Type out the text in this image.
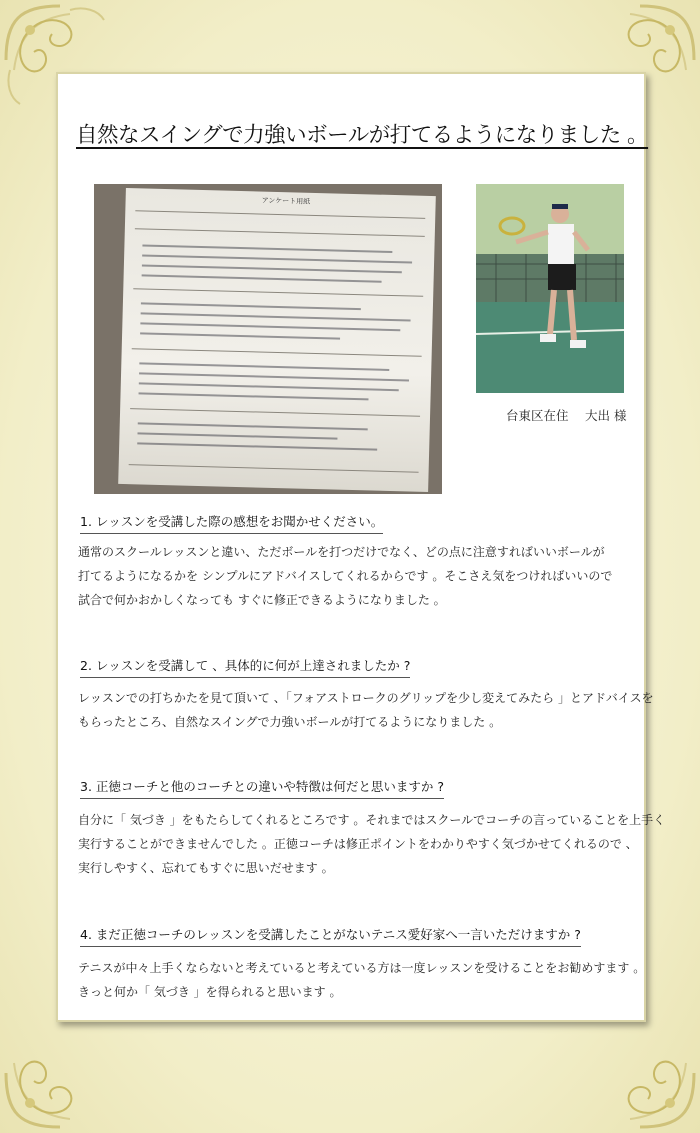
自然なスイングで力強いボールが打てるようになりました 。
アンケート用紙
台東区在住　 大出 様
1. レッスンを受講した際の感想をお聞かせください。
通常のスクールレッスンと違い、ただボールを打つだけでなく、どの点に注意すればいいボールが
打てるようになるかを シンプルにアドバイスしてくれるからです 。そこさえ気をつければいいので
試合で何かおかしくなっても すぐに修正できるようになりました 。
2. レッスンを受講して 、具体的に何が上達されましたか ?
レッスンでの打ちかたを見て頂いて 、「フォアストロークのグリップを少し変えてみたら 」とアドバイスを
もらったところ、自然なスイングで力強いボールが打てるようになりました 。
3. 正徳コーチと他のコーチとの違いや特徴は何だと思いますか ?
自分に「 気づき 」をもたらしてくれるところです 。それまではスクールでコーチの言っていることを上手く
実行することができませんでした 。正徳コーチは修正ポイントをわかりやすく気づかせてくれるので 、
実行しやすく、忘れてもすぐに思いだせます 。
4. まだ正徳コーチのレッスンを受講したことがないテニス愛好家へ一言いただけますか ?
テニスが中々上手くならないと考えていると考えている方は一度レッスンを受けることをお勧めすます 。
きっと何か「 気づき 」を得られると思います 。
